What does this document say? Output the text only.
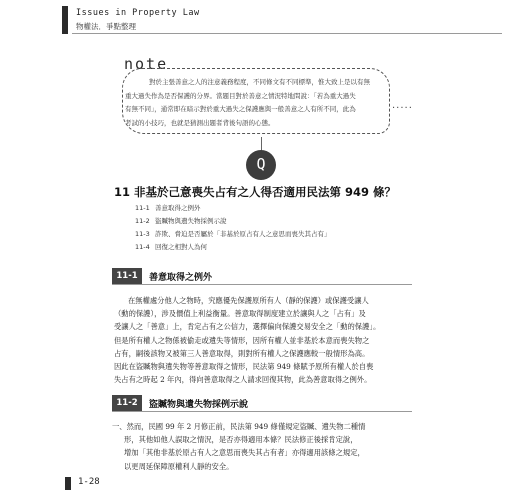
Issues in Property Law
物權法．爭點整理
note
對於主張善意之人的注意義務程度，不同條文有不同標準，惟大致上是以有無
重大過失作為是否保護的分界。當題目對於善意之情況特地問說：「若為重大過失
有無不同」，通常即在暗示對於重大過失之保護應與一般善意之人有所不同，此為
考試的小技巧，也就是猜測出題者背後句語的心態。
.....
Q
11 非基於己意喪失占有之人得否適用民法第 949 條？
11-1 善意取得之例外
11-2 盜贓物與遺失物採例示說
11-3 詐欺、脅迫是否屬於「非基於原占有人之意思而喪失其占有」
11-4 回復之相對人為何
11-1	善意取得之例外
在無權處分他人之物時，究應優先保護原所有人（靜的保護）或保護受讓人
（動的保護），涉及價值上利益衡量。善意取得制度建立於讓與人之「占有」及
受讓人之「善意」上，肯定占有之公信力，選擇偏向保護交易安全之「動的保護」。
但是所有權人之物係被偷走或遺失等情形，因所有權人並非基於本意而喪失物之
占有，嗣後該物又被第三人善意取得，則對所有權人之保護應較一般情形為高。
因此在盜贓物與遺失物等善意取得之情形，民法第 949 條賦予原所有權人於自喪
失占有之時起 2 年內，得向善意取得之人請求回復其物，此為善意取得之例外。
11-2	盜贓物與遺失物採例示說
一、然而，民國 99 年 2 月修正前，民法第 949 條僅規定盜贓、遺失物二種情
形，其他如他人誤取之情況，是否亦得適用本條？民法修正後採肯定說，
增加「其他非基於原占有人之意思而喪失其占有者」亦得適用該條之規定，
以更周延保障原權利人靜的安全。
1-28
